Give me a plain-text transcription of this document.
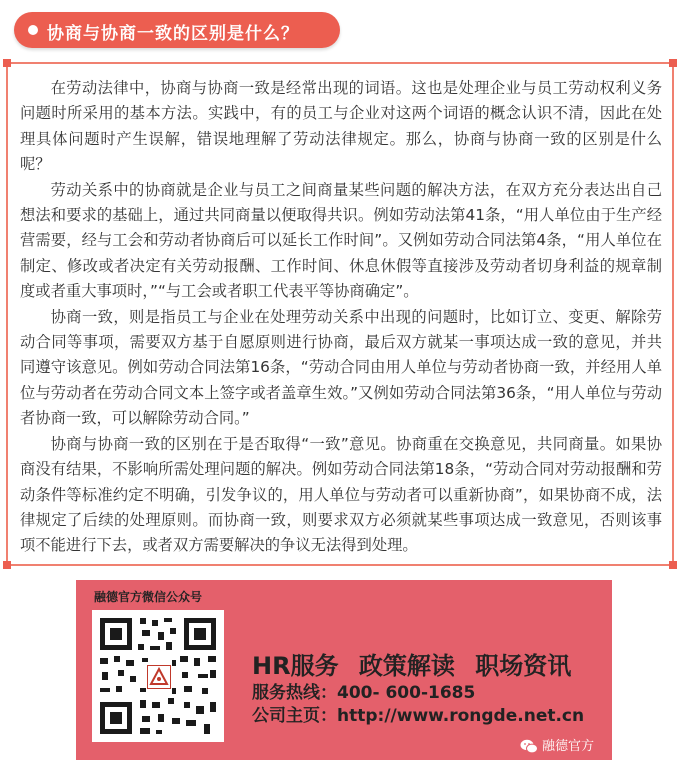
协商与协商一致的区别是什么？

在劳动法律中，协商与协商一致是经常出现的词语。这也是处理企业与员工劳动权利义务问题时所采用的基本方法。实践中，有的员工与企业对这两个词语的概念认识不清，因此在处理具体问题时产生误解，错误地理解了劳动法律规定。那么，协商与协商一致的区别是什么呢？

劳动关系中的协商就是企业与员工之间商量某些问题的解决方法，在双方充分表达出自己想法和要求的基础上，通过共同商量以便取得共识。例如劳动法第41条，“用人单位由于生产经营需要，经与工会和劳动者协商后可以延长工作时间”。又例如劳动合同法第4条，“用人单位在制定、修改或者决定有关劳动报酬、工作时间、休息休假等直接涉及劳动者切身利益的规章制度或者重大事项时，”“与工会或者职工代表平等协商确定”。

协商一致，则是指员工与企业在处理劳动关系中出现的问题时，比如订立、变更、解除劳动合同等事项，需要双方基于自愿原则进行协商，最后双方就某一事项达成一致的意见，并共同遵守该意见。例如劳动合同法第16条，“劳动合同由用人单位与劳动者协商一致，并经用人单位与劳动者在劳动合同文本上签字或者盖章生效。”又例如劳动合同法第36条，“用人单位与劳动者协商一致，可以解除劳动合同。”

协商与协商一致的区别在于是否取得“一致”意见。协商重在交换意见，共同商量。如果协商没有结果，不影响所需处理问题的解决。例如劳动合同法第18条，“劳动合同对劳动报酬和劳动条件等标准约定不明确，引发争议的，用人单位与劳动者可以重新协商”，如果协商不成，法律规定了后续的处理原则。而协商一致，则要求双方必须就某些事项达成一致意见，否则该事项不能进行下去，或者双方需要解决的争议无法得到处理。

融德官方微信公众号
HR服务 政策解读 职场资讯
服务热线：400- 600-1685
公司主页：http://www.rongde.net.cn
融德官方
